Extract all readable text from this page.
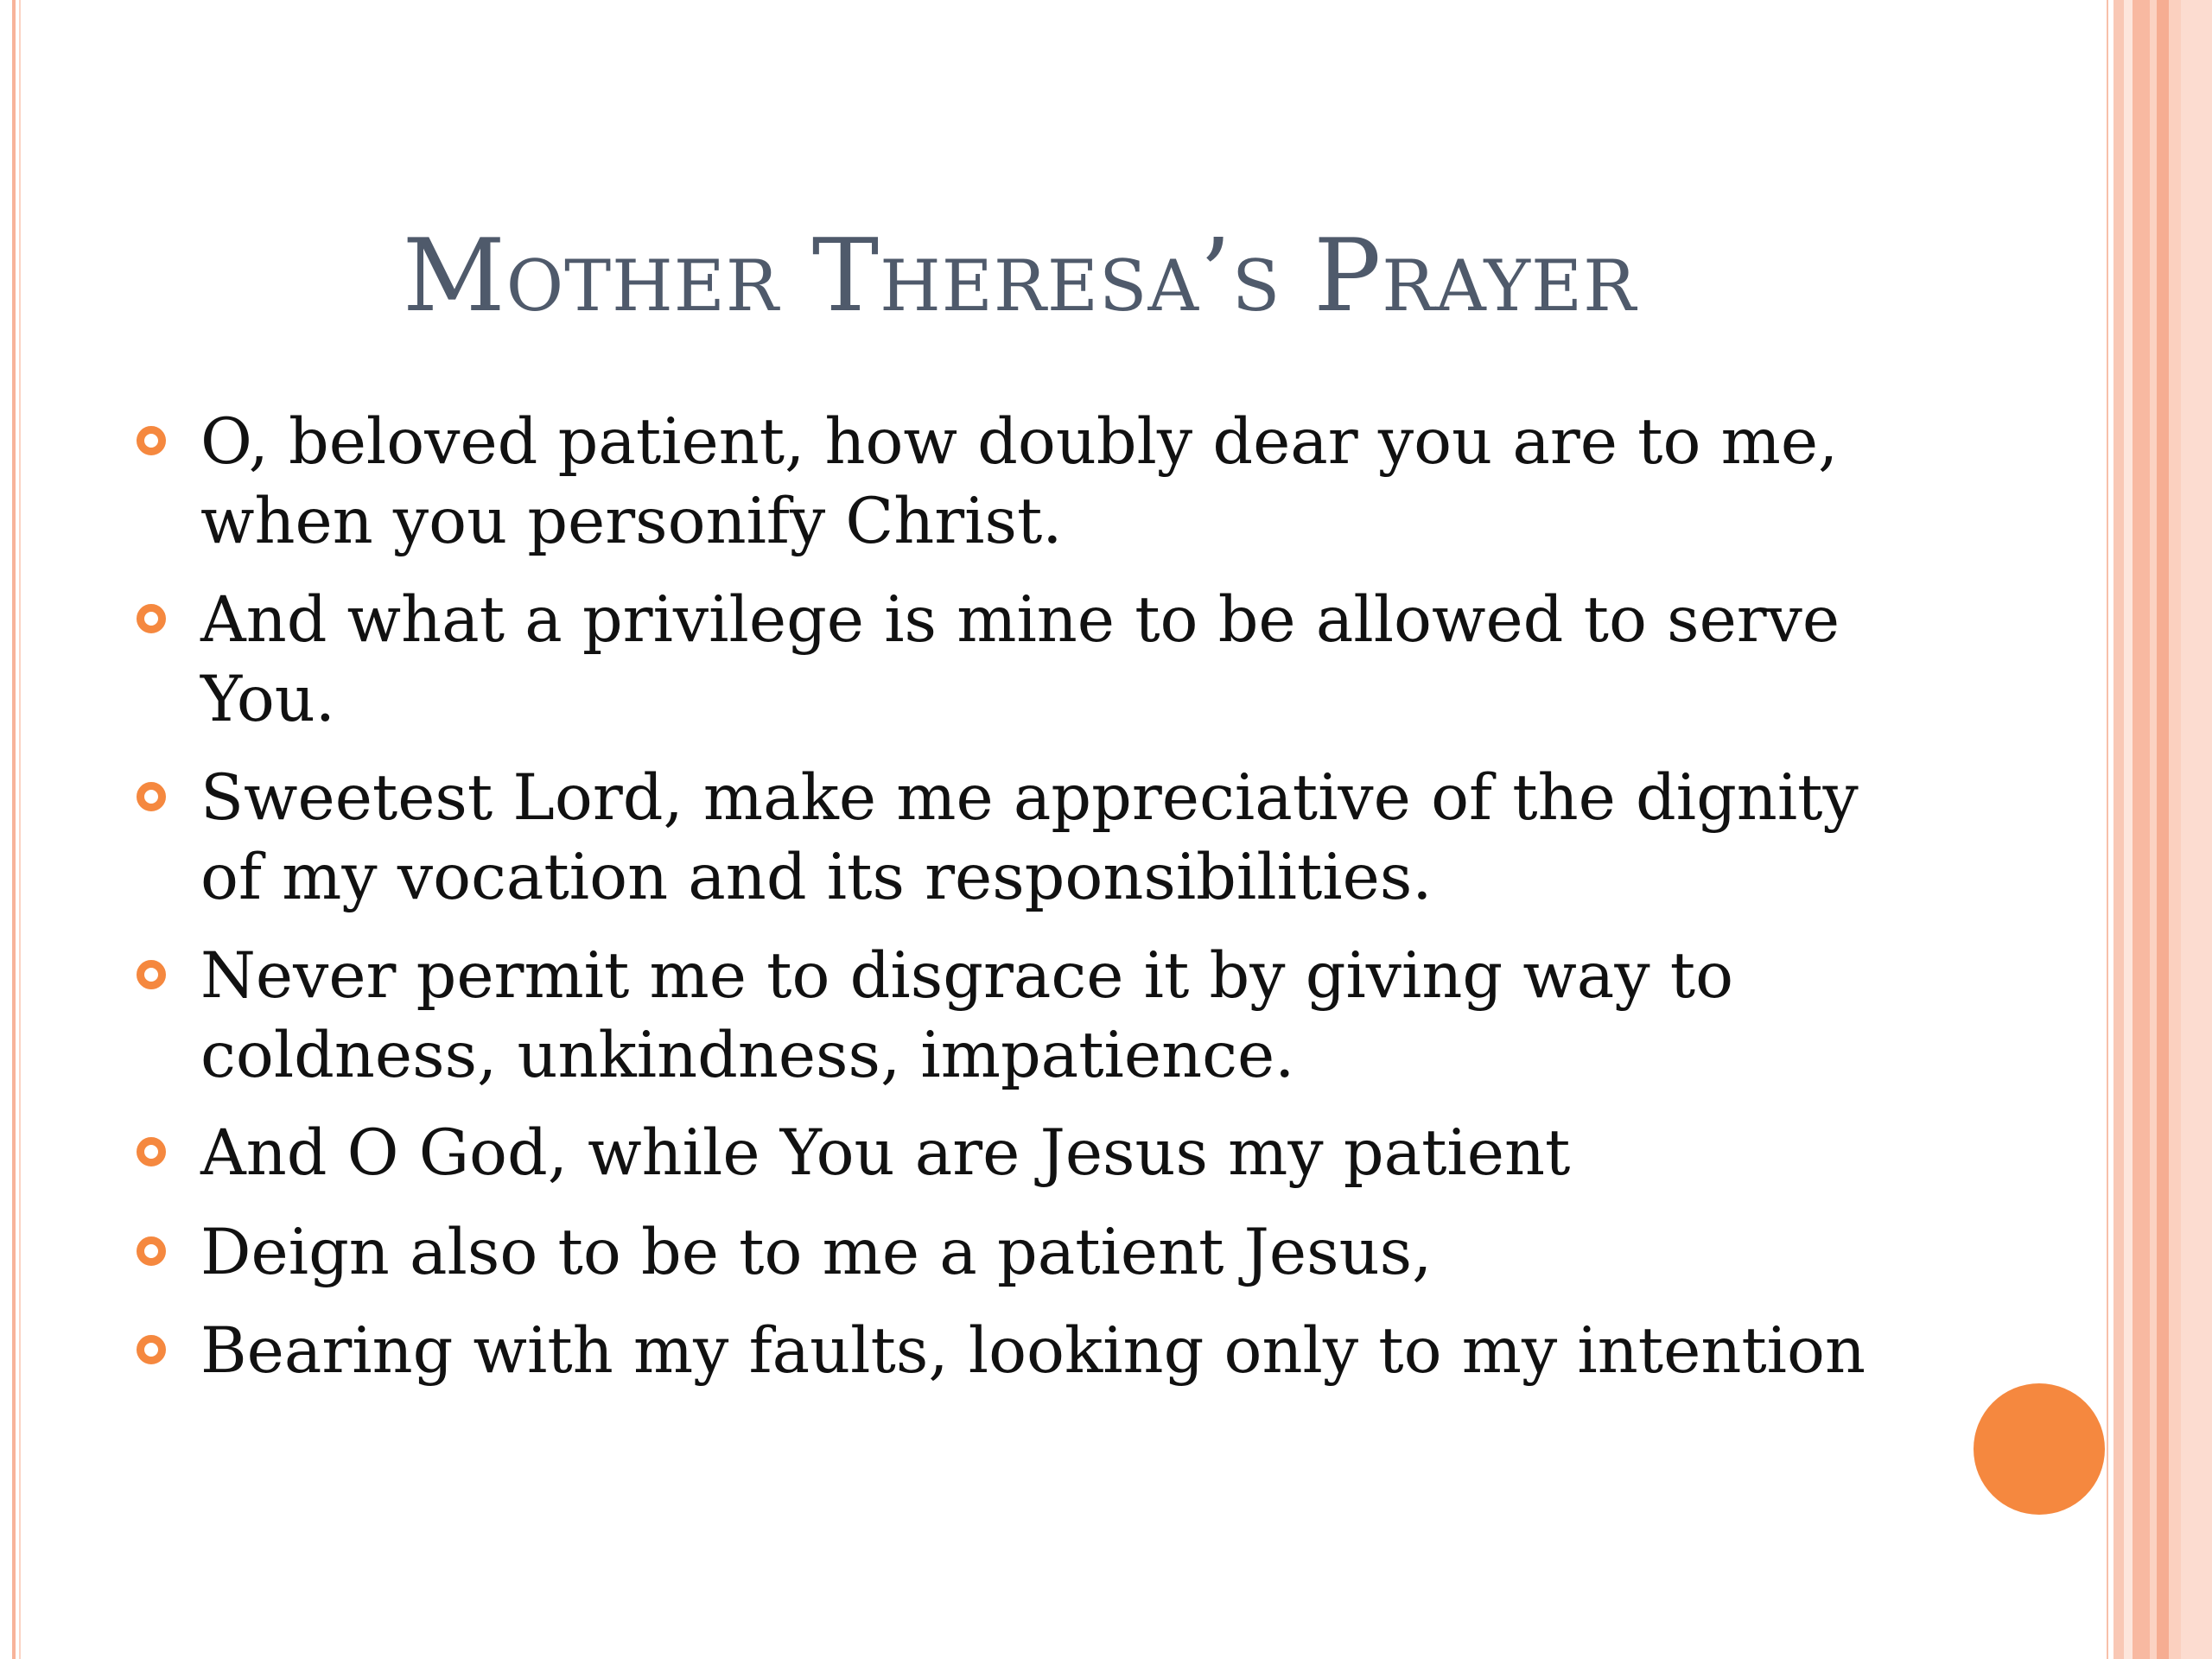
Mother Theresa’s Prayer
O, beloved patient, how doubly dear you are to me, when you personify Christ.
And what a privilege is mine to be allowed to serve You.
Sweetest Lord, make me appreciative of the dignity of my vocation and its responsibilities.
Never permit me to disgrace it by giving way to coldness, unkindness, impatience.
And O God, while You are Jesus my patient
Deign also to be to me a patient Jesus,
Bearing with my faults, looking only to my intention
